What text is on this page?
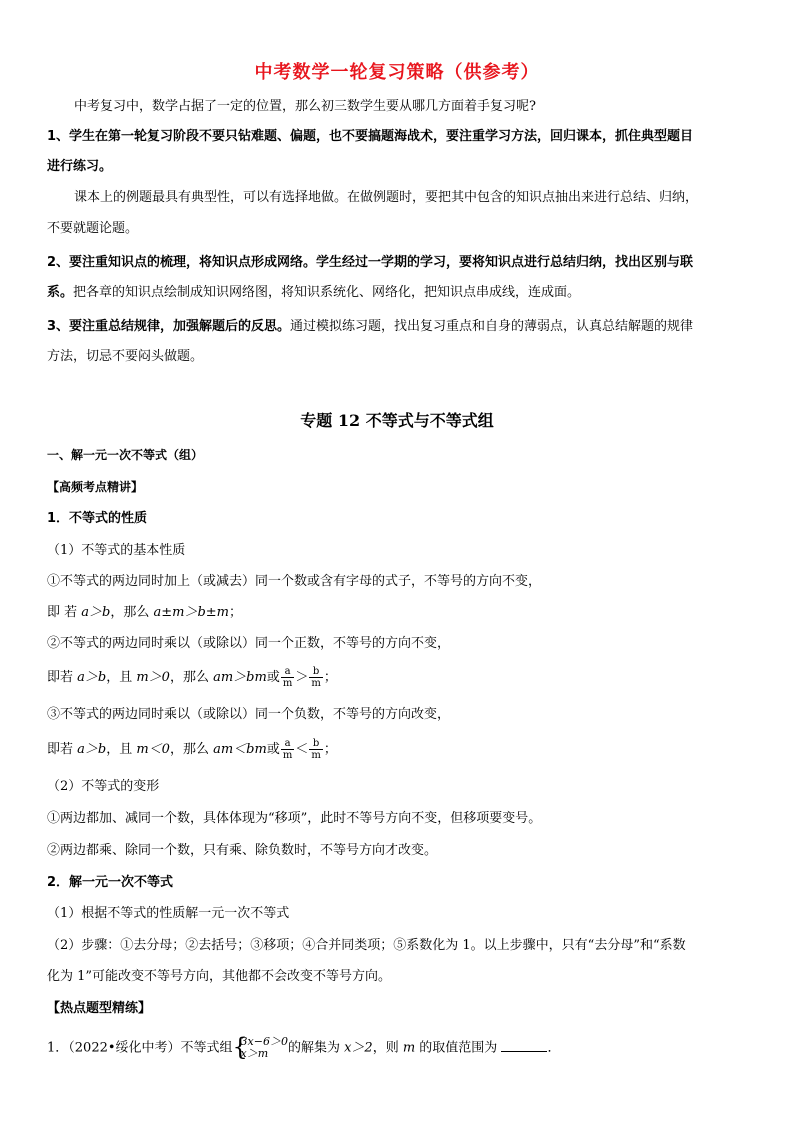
中考数学一轮复习策略（供参考）
中考复习中，数学占据了一定的位置，那么初三数学生要从哪几方面着手复习呢?
1、学生在第一轮复习阶段不要只钻难题、偏题，也不要搞题海战术，要注重学习方法，回归课本，抓住典型题目
进行练习。
课本上的例题最具有典型性，可以有选择地做。在做例题时，要把其中包含的知识点抽出来进行总结、归纳，
不要就题论题。
2、要注重知识点的梳理，将知识点形成网络。学生经过一学期的学习，要将知识点进行总结归纳，找出区别与联
系。把各章的知识点绘制成知识网络图，将知识系统化、网络化，把知识点串成线，连成面。
3、要注重总结规律，加强解题后的反思。通过模拟练习题，找出复习重点和自身的薄弱点，认真总结解题的规律
方法，切忌不要闷头做题。
专题 12 不等式与不等式组
一、解一元一次不等式（组）
【高频考点精讲】
1．不等式的性质
（1）不等式的基本性质
①不等式的两边同时加上（或减去）同一个数或含有字母的式子，不等号的方向不变，
即 若 a＞b，那么 a±m＞b±m；
②不等式的两边同时乘以（或除以）同一个正数，不等号的方向不变，
即若 a＞b，且 m＞0，那么 am＞bm或 $\frac{a}{m} > \frac{b}{m}$ ；
③不等式的两边同时乘以（或除以）同一个负数，不等号的方向改变，
即若 a＞b，且 m＜0，那么 am＜bm或 $\frac{a}{m} < \frac{b}{m}$ ；
（2）不等式的变形
①两边都加、减同一个数，具体体现为“移项”，此时不等号方向不变，但移项要变号。
②两边都乘、除同一个数，只有乘、除负数时，不等号方向才改变。
2．解一元一次不等式
（1）根据不等式的性质解一元一次不等式
（2）步骤：①去分母；②去括号；③移项；④合并同类项；⑤系数化为 1。以上步骤中，只有“去分母”和“系数
化为 1”可能改变不等号方向，其他都不会改变不等号方向。
【热点题型精练】
1．（2022•绥化中考）不等式组 {
3x−6＞0
x＞m	的解集为 x＞2，则 m 的取值范围为	．
